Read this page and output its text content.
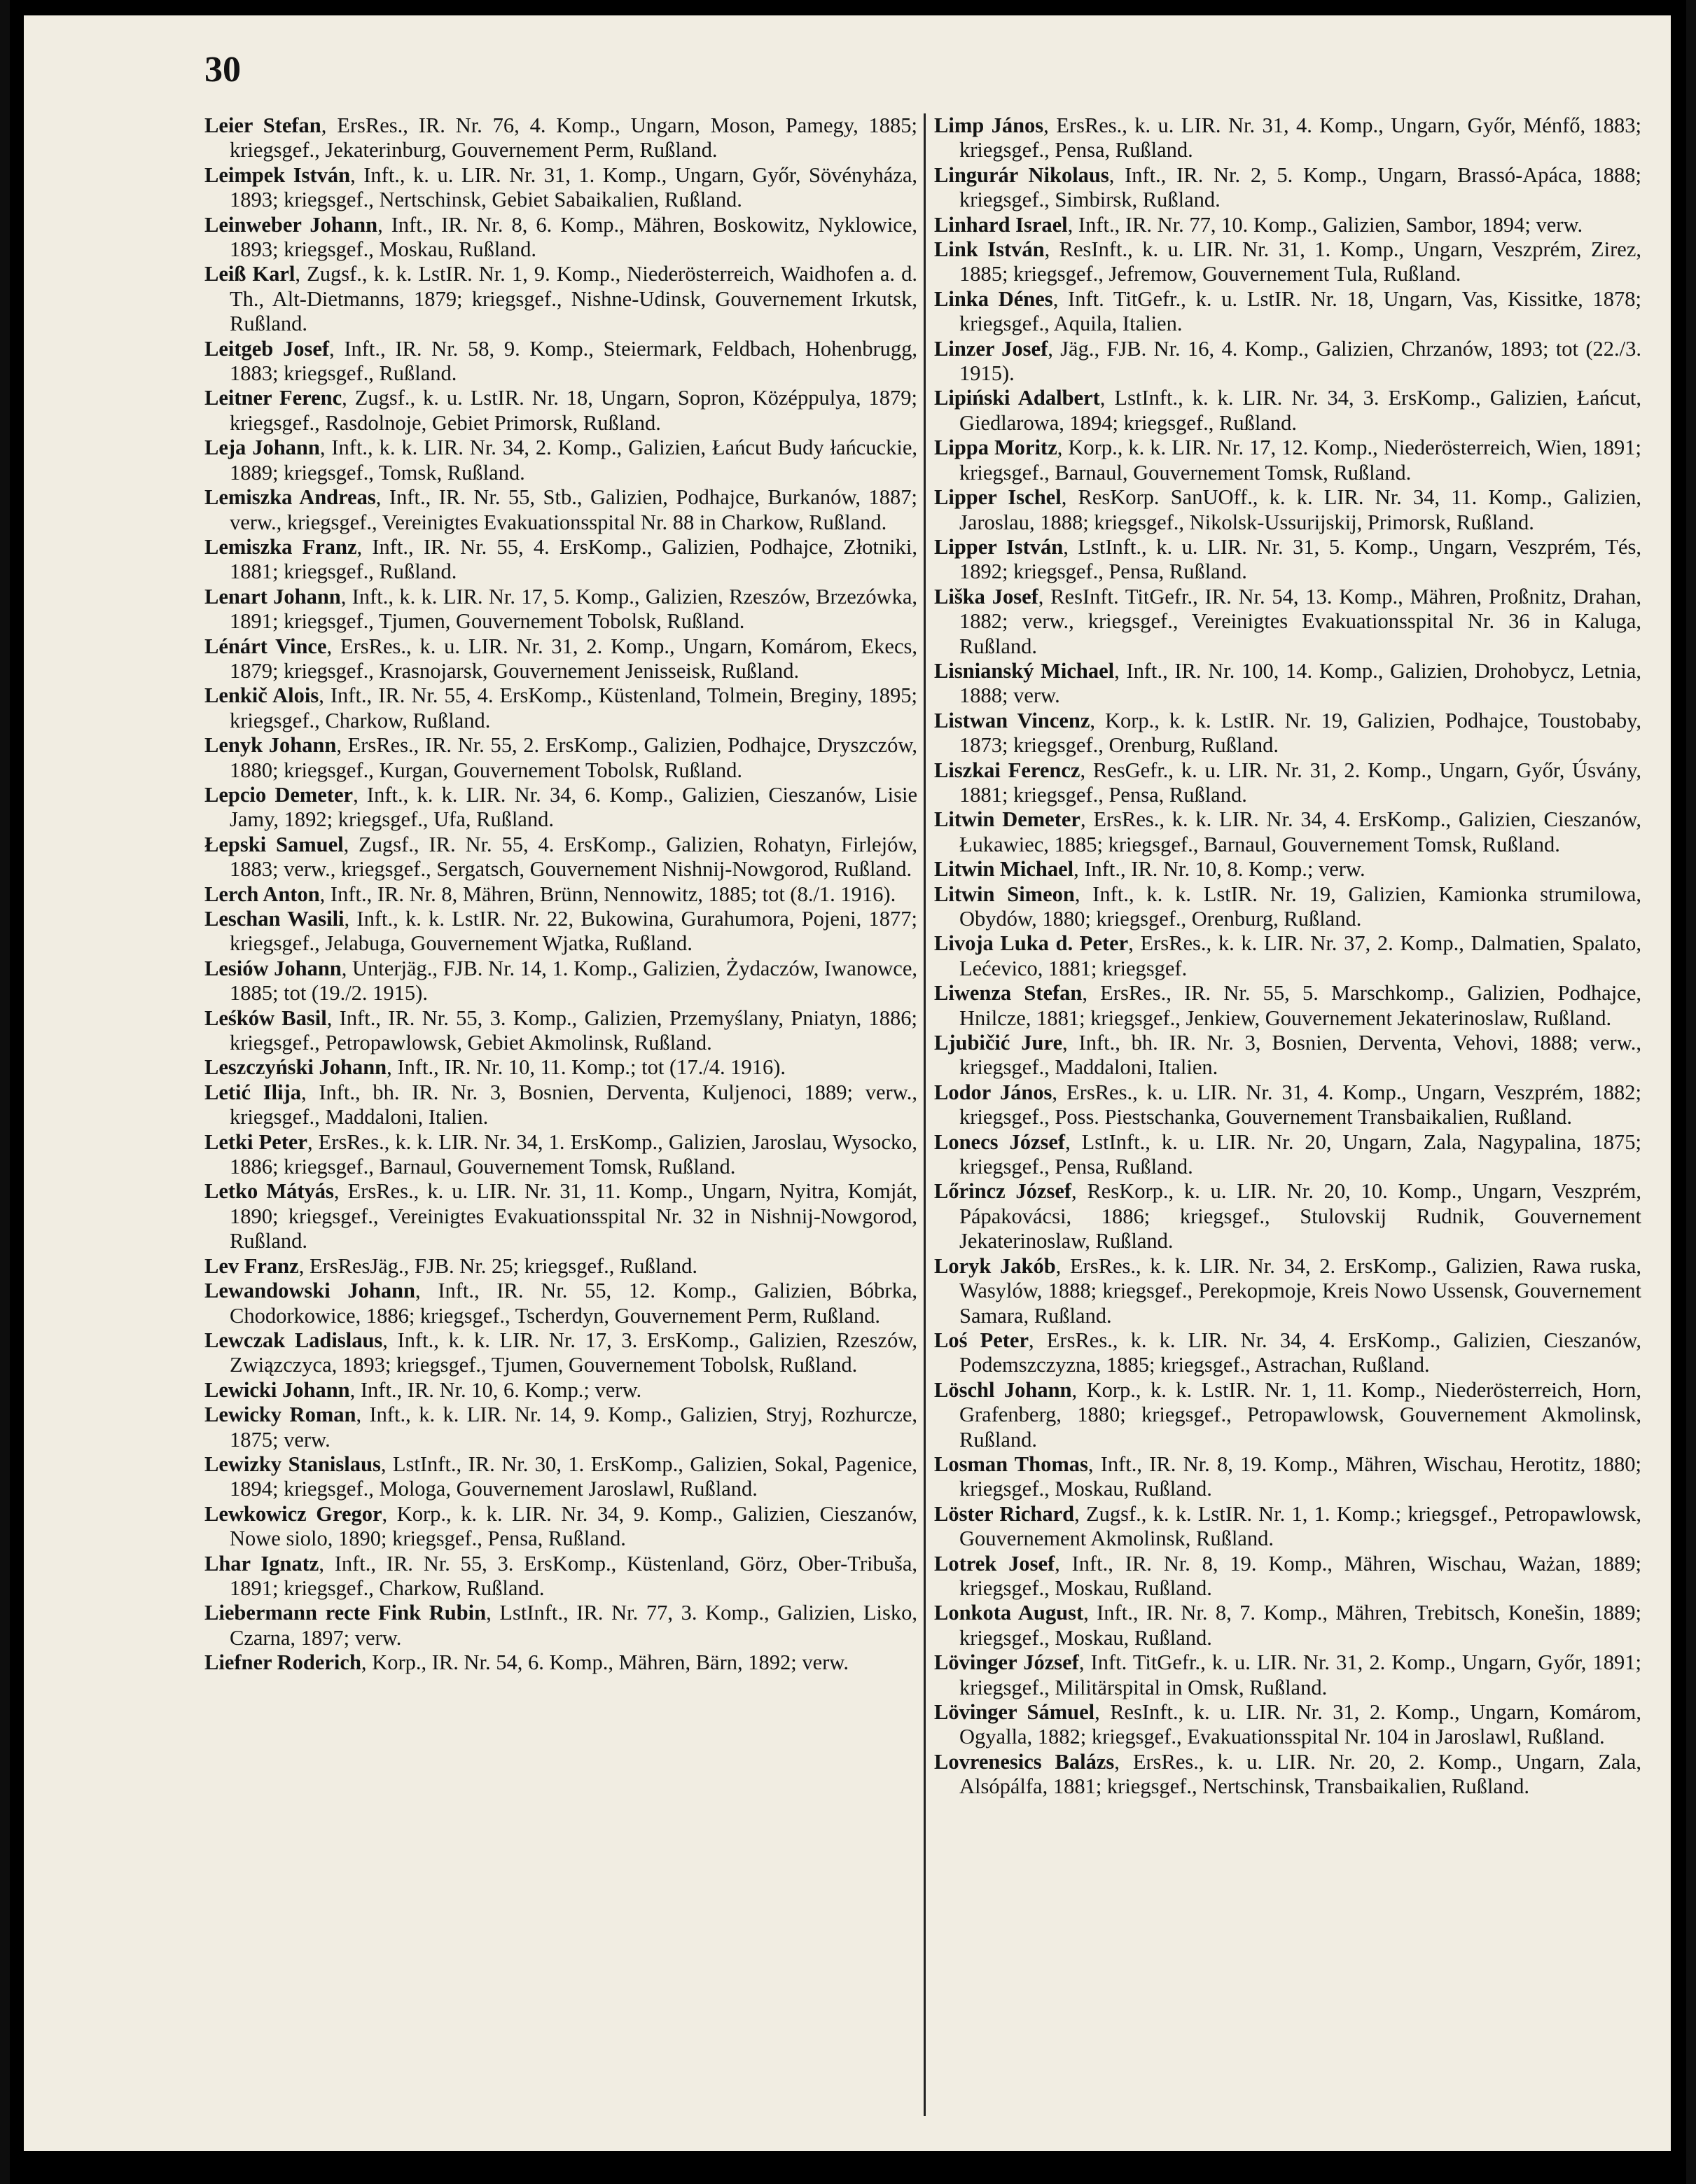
30

Leier Stefan, ErsRes., IR. Nr. 76, 4. Komp., Ungarn, Moson, Pamegy, 1885; kriegsgef., Jekaterinburg, Gouvernement Perm, Rußland.

Leimpek István, Inft., k. u. LIR. Nr. 31, 1. Komp., Ungarn, Győr, Sövényháza, 1893; kriegsgef., Nertschinsk, Gebiet Sabaikalien, Rußland.

Leinweber Johann, Inft., IR. Nr. 8, 6. Komp., Mähren, Boskowitz, Nyklowice, 1893; kriegsgef., Moskau, Rußland.

Leiß Karl, Zugsf., k. k. LstIR. Nr. 1, 9. Komp., Niederösterreich, Waidhofen a. d. Th., Alt-Dietmanns, 1879; kriegsgef., Nishne-Udinsk, Gouvernement Irkutsk, Rußland.

Leitgeb Josef, Inft., IR. Nr. 58, 9. Komp., Steiermark, Feldbach, Hohenbrugg, 1883; kriegsgef., Rußland.

Leitner Ferenc, Zugsf., k. u. LstIR. Nr. 18, Ungarn, Sopron, Középpulya, 1879; kriegsgef., Rasdolnoje, Gebiet Primorsk, Rußland.

Leja Johann, Inft., k. k. LIR. Nr. 34, 2. Komp., Galizien, Łańcut Budy łańcuckie, 1889; kriegsgef., Tomsk, Rußland.

Lemiszka Andreas, Inft., IR. Nr. 55, Stb., Galizien, Podhajce, Burkanów, 1887; verw., kriegsgef., Vereinigtes Evakuationsspital Nr. 88 in Charkow, Rußland.

Lemiszka Franz, Inft., IR. Nr. 55, 4. ErsKomp., Galizien, Podhajce, Złotniki, 1881; kriegsgef., Rußland.

Lenart Johann, Inft., k. k. LIR. Nr. 17, 5. Komp., Galizien, Rzeszów, Brzezówka, 1891; kriegsgef., Tjumen, Gouvernement Tobolsk, Rußland.

Lénárt Vince, ErsRes., k. u. LIR. Nr. 31, 2. Komp., Ungarn, Komárom, Ekecs, 1879; kriegsgef., Krasnojarsk, Gouvernement Jenisseisk, Rußland.

Lenkič Alois, Inft., IR. Nr. 55, 4. ErsKomp., Küstenland, Tolmein, Breginy, 1895; kriegsgef., Charkow, Rußland.

Lenyk Johann, ErsRes., IR. Nr. 55, 2. ErsKomp., Galizien, Podhajce, Dryszczów, 1880; kriegsgef., Kurgan, Gouvernement Tobolsk, Rußland.

Lepcio Demeter, Inft., k. k. LIR. Nr. 34, 6. Komp., Galizien, Cieszanów, Lisie Jamy, 1892; kriegsgef., Ufa, Rußland.

Łepski Samuel, Zugsf., IR. Nr. 55, 4. ErsKomp., Galizien, Rohatyn, Firlejów, 1883; verw., kriegsgef., Sergatsch, Gouvernement Nishnij-Nowgorod, Rußland.

Lerch Anton, Inft., IR. Nr. 8, Mähren, Brünn, Nennowitz, 1885; tot (8./1. 1916).

Leschan Wasili, Inft., k. k. LstIR. Nr. 22, Bukowina, Gurahumora, Pojeni, 1877; kriegsgef., Jelabuga, Gouvernement Wjatka, Rußland.

Lesiów Johann, Unterjäg., FJB. Nr. 14, 1. Komp., Galizien, Żydaczów, Iwanowce, 1885; tot (19./2. 1915).

Leśków Basil, Inft., IR. Nr. 55, 3. Komp., Galizien, Przemyślany, Pniatyn, 1886; kriegsgef., Petropawlowsk, Gebiet Akmolinsk, Rußland.

Leszczyński Johann, Inft., IR. Nr. 10, 11. Komp.; tot (17./4. 1916).

Letić Ilija, Inft., bh. IR. Nr. 3, Bosnien, Derventa, Kuljenoci, 1889; verw., kriegsgef., Maddaloni, Italien.

Letki Peter, ErsRes., k. k. LIR. Nr. 34, 1. ErsKomp., Galizien, Jaroslau, Wysocko, 1886; kriegsgef., Barnaul, Gouvernement Tomsk, Rußland.

Letko Mátyás, ErsRes., k. u. LIR. Nr. 31, 11. Komp., Ungarn, Nyitra, Komját, 1890; kriegsgef., Vereinigtes Evakuationsspital Nr. 32 in Nishnij-Nowgorod, Rußland.

Lev Franz, ErsResJäg., FJB. Nr. 25; kriegsgef., Rußland.

Lewandowski Johann, Inft., IR. Nr. 55, 12. Komp., Galizien, Bóbrka, Chodorkowice, 1886; kriegsgef., Tscherdyn, Gouvernement Perm, Rußland.

Lewczak Ladislaus, Inft., k. k. LIR. Nr. 17, 3. ErsKomp., Galizien, Rzeszów, Związczyca, 1893; kriegsgef., Tjumen, Gouvernement Tobolsk, Rußland.

Lewicki Johann, Inft., IR. Nr. 10, 6. Komp.; verw.

Lewicky Roman, Inft., k. k. LIR. Nr. 14, 9. Komp., Galizien, Stryj, Rozhurcze, 1875; verw.

Lewizky Stanislaus, LstInft., IR. Nr. 30, 1. ErsKomp., Galizien, Sokal, Pagenice, 1894; kriegsgef., Mologa, Gouvernement Jaroslawl, Rußland.

Lewkowicz Gregor, Korp., k. k. LIR. Nr. 34, 9. Komp., Galizien, Cieszanów, Nowe siolo, 1890; kriegsgef., Pensa, Rußland.

Lhar Ignatz, Inft., IR. Nr. 55, 3. ErsKomp., Küstenland, Görz, Ober-Tribuša, 1891; kriegsgef., Charkow, Rußland.

Liebermann recte Fink Rubin, LstInft., IR. Nr. 77, 3. Komp., Galizien, Lisko, Czarna, 1897; verw.

Liefner Roderich, Korp., IR. Nr. 54, 6. Komp., Mähren, Bärn, 1892; verw.

Limp János, ErsRes., k. u. LIR. Nr. 31, 4. Komp., Ungarn, Győr, Ménfő, 1883; kriegsgef., Pensa, Rußland.

Lingurár Nikolaus, Inft., IR. Nr. 2, 5. Komp., Ungarn, Brassó-Apáca, 1888; kriegsgef., Simbirsk, Rußland.

Linhard Israel, Inft., IR. Nr. 77, 10. Komp., Galizien, Sambor, 1894; verw.

Link István, ResInft., k. u. LIR. Nr. 31, 1. Komp., Ungarn, Veszprém, Zirez, 1885; kriegsgef., Jefremow, Gouvernement Tula, Rußland.

Linka Dénes, Inft. TitGefr., k. u. LstIR. Nr. 18, Ungarn, Vas, Kissitke, 1878; kriegsgef., Aquila, Italien.

Linzer Josef, Jäg., FJB. Nr. 16, 4. Komp., Galizien, Chrzanów, 1893; tot (22./3. 1915).

Lipiński Adalbert, LstInft., k. k. LIR. Nr. 34, 3. ErsKomp., Galizien, Łańcut, Giedlarowa, 1894; kriegsgef., Rußland.

Lippa Moritz, Korp., k. k. LIR. Nr. 17, 12. Komp., Niederösterreich, Wien, 1891; kriegsgef., Barnaul, Gouvernement Tomsk, Rußland.

Lipper Ischel, ResKorp. SanUOff., k. k. LIR. Nr. 34, 11. Komp., Galizien, Jaroslau, 1888; kriegsgef., Nikolsk-Ussurijskij, Primorsk, Rußland.

Lipper István, LstInft., k. u. LIR. Nr. 31, 5. Komp., Ungarn, Veszprém, Tés, 1892; kriegsgef., Pensa, Rußland.

Liška Josef, ResInft. TitGefr., IR. Nr. 54, 13. Komp., Mähren, Proßnitz, Drahan, 1882; verw., kriegsgef., Vereinigtes Evakuationsspital Nr. 36 in Kaluga, Rußland.

Lisnianský Michael, Inft., IR. Nr. 100, 14. Komp., Galizien, Drohobycz, Letnia, 1888; verw.

Listwan Vincenz, Korp., k. k. LstIR. Nr. 19, Galizien, Podhajce, Toustobaby, 1873; kriegsgef., Orenburg, Rußland.

Liszkai Ferencz, ResGefr., k. u. LIR. Nr. 31, 2. Komp., Ungarn, Győr, Úsvány, 1881; kriegsgef., Pensa, Rußland.

Litwin Demeter, ErsRes., k. k. LIR. Nr. 34, 4. ErsKomp., Galizien, Cieszanów, Łukawiec, 1885; kriegsgef., Barnaul, Gouvernement Tomsk, Rußland.

Litwin Michael, Inft., IR. Nr. 10, 8. Komp.; verw.

Litwin Simeon, Inft., k. k. LstIR. Nr. 19, Galizien, Kamionka strumilowa, Obydów, 1880; kriegsgef., Orenburg, Rußland.

Livoja Luka d. Peter, ErsRes., k. k. LIR. Nr. 37, 2. Komp., Dalmatien, Spalato, Lećevico, 1881; kriegsgef.

Liwenza Stefan, ErsRes., IR. Nr. 55, 5. Marschkomp., Galizien, Podhajce, Hnilcze, 1881; kriegsgef., Jenkiew, Gouvernement Jekaterinoslaw, Rußland.

Ljubičić Jure, Inft., bh. IR. Nr. 3, Bosnien, Derventa, Vehovi, 1888; verw., kriegsgef., Maddaloni, Italien.

Lodor János, ErsRes., k. u. LIR. Nr. 31, 4. Komp., Ungarn, Veszprém, 1882; kriegsgef., Poss. Piestschanka, Gouvernement Transbaikalien, Rußland.

Lonecs József, LstInft., k. u. LIR. Nr. 20, Ungarn, Zala, Nagypalina, 1875; kriegsgef., Pensa, Rußland.

Lőrincz József, ResKorp., k. u. LIR. Nr. 20, 10. Komp., Ungarn, Veszprém, Pápakovácsi, 1886; kriegsgef., Stulovskij Rudnik, Gouvernement Jekaterinoslaw, Rußland.

Loryk Jakób, ErsRes., k. k. LIR. Nr. 34, 2. ErsKomp., Galizien, Rawa ruska, Wasylów, 1888; kriegsgef., Perekopmoje, Kreis Nowo Ussensk, Gouvernement Samara, Rußland.

Loś Peter, ErsRes., k. k. LIR. Nr. 34, 4. ErsKomp., Galizien, Cieszanów, Podemszczyzna, 1885; kriegsgef., Astrachan, Rußland.

Löschl Johann, Korp., k. k. LstIR. Nr. 1, 11. Komp., Niederösterreich, Horn, Grafenberg, 1880; kriegsgef., Petropawlowsk, Gouvernement Akmolinsk, Rußland.

Losman Thomas, Inft., IR. Nr. 8, 19. Komp., Mähren, Wischau, Herotitz, 1880; kriegsgef., Moskau, Rußland.

Löster Richard, Zugsf., k. k. LstIR. Nr. 1, 1. Komp.; kriegsgef., Petropawlowsk, Gouvernement Akmolinsk, Rußland.

Lotrek Josef, Inft., IR. Nr. 8, 19. Komp., Mähren, Wischau, Ważan, 1889; kriegsgef., Moskau, Rußland.

Lonkota August, Inft., IR. Nr. 8, 7. Komp., Mähren, Trebitsch, Konešin, 1889; kriegsgef., Moskau, Rußland.

Lövinger József, Inft. TitGefr., k. u. LIR. Nr. 31, 2. Komp., Ungarn, Győr, 1891; kriegsgef., Militärspital in Omsk, Rußland.

Lövinger Sámuel, ResInft., k. u. LIR. Nr. 31, 2. Komp., Ungarn, Komárom, Ogyalla, 1882; kriegsgef., Evakuationsspital Nr. 104 in Jaroslawl, Rußland.

Lovrenesics Balázs, ErsRes., k. u. LIR. Nr. 20, 2. Komp., Ungarn, Zala, Alsópálfa, 1881; kriegsgef., Nertschinsk, Transbaikalien, Rußland.
